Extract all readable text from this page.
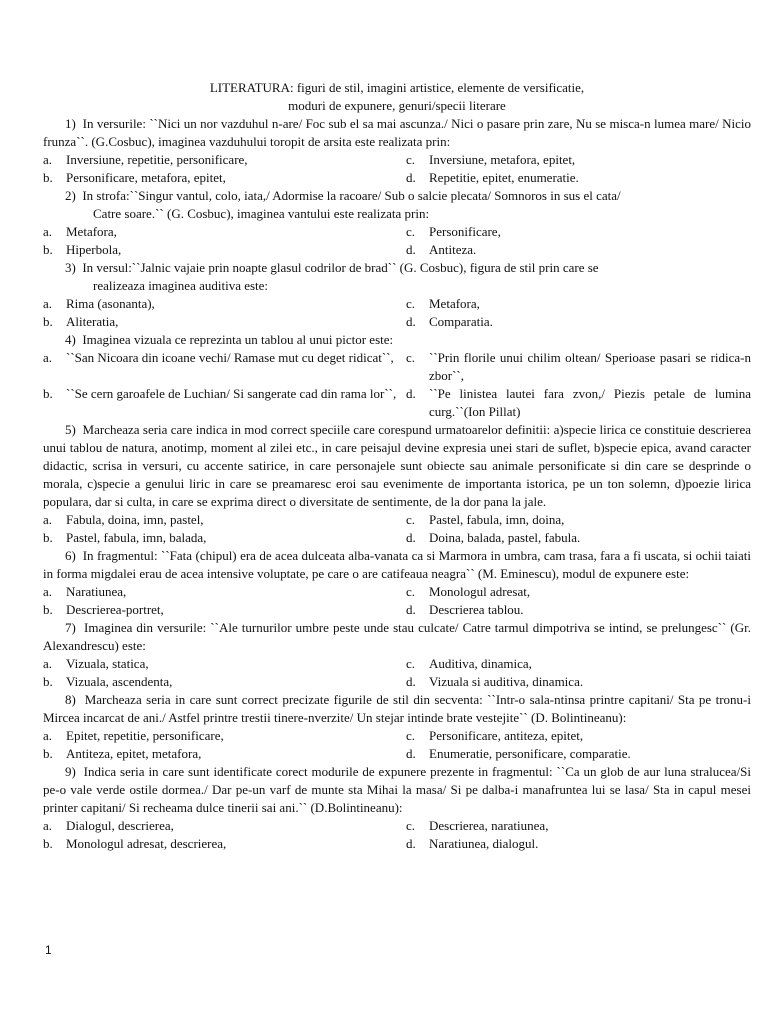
LITERATURA: figuri de stil, imagini artistice, elemente de versificatie,
moduri de expunere, genuri/specii literare
1) In versurile: ``Nici un nor vazduhul n-are/ Foc sub el sa mai ascunza./ Nici o pasare prin zare, Nu se misca-n lumea mare/ Nicio frunza``. (G.Cosbuc), imaginea vazduhului toropit de arsita este realizata prin:
a.	Inversiune, repetitie, personificare,	c.	Inversiune, metafora, epitet,
b.	Personificare, metafora, epitet,	d.	Repetitie, epitet, enumeratie.
2) In strofa:``Singur vantul, colo, iata,/ Adormise la racoare/ Sub o salcie plecata/ Somnoros in sus el cata/
Catre soare.`` (G. Cosbuc), imaginea vantului este realizata prin:
a.	Metafora,	c.	Personificare,
b.	Hiperbola,	d.	Antiteza.
3) In versul:``Jalnic vajaie prin noapte glasul codrilor de brad`` (G. Cosbuc), figura de stil prin care se
realizeaza imaginea auditiva este:
a.	Rima (asonanta),	c.	Metafora,
b.	Aliteratia,	d.	Comparatia.
4) Imaginea vizuala ce reprezinta un tablou al unui pictor este:
a.	``San Nicoara din icoane vechi/ Ramase mut cu deget ridicat``, c.	``Prin florile unui chilim oltean/ Sperioase pasari se ridica-n zbor``,
b.	``Se cern garoafele de Luchian/ Si sangerate cad din rama lor``, d.	``Pe linistea lautei fara zvon,/ Piezis petale de lumina curg.``(Ion Pillat)
5) Marcheaza seria care indica in mod correct speciile care corespund urmatoarelor definitii: a)specie lirica ce constituie descrierea unui tablou de natura, anotimp, moment al zilei etc., in care peisajul devine expresia unei stari de suflet, b)specie epica, avand caracter didactic, scrisa in versuri, cu accente satirice, in care personajele sunt obiecte sau animale personificate si din care se desprinde o morala, c)specie a genului liric in care se preamaresc eroi sau evenimente de importanta istorica, pe un ton solemn, d)poezie lirica populara, dar si culta, in care se exprima direct o diversitate de sentimente, de la dor pana la jale.
a.	Fabula, doina, imn, pastel,	c.	Pastel, fabula, imn, doina,
b.	Pastel, fabula, imn, balada,	d.	Doina, balada, pastel, fabula.
6) In fragmentul: ``Fata (chipul) era de acea dulceata alba-vanata ca si Marmora in umbra, cam trasa, fara a fi uscata, si ochii taiati in forma migdalei erau de acea intensive voluptate, pe care o are catifeaua neagra`` (M. Eminescu), modul de expunere este:
a.	Naratiunea,	c.	Monologul adresat,
b.	Descrierea-portret,	d.	Descrierea tablou.
7) Imaginea din versurile: ``Ale turnurilor umbre peste unde stau culcate/ Catre tarmul dimpotriva se intind, se prelungesc`` (Gr. Alexandrescu) este:
a.	Vizuala, statica,	c.	Auditiva, dinamica,
b.	Vizuala, ascendenta,	d.	Vizuala si auditiva, dinamica.
8) Marcheaza seria in care sunt correct precizate figurile de stil din secventa: ``Intr-o sala-ntinsa printre capitani/ Sta pe tronu-i Mircea incarcat de ani./ Astfel printre trestii tinere-nverzite/ Un stejar intinde brate vestejite`` (D. Bolintineanu):
a.	Epitet, repetitie, personificare,	c.	Personificare, antiteza, epitet,
b.	Antiteza, epitet, metafora,	d.	Enumeratie, personificare, comparatie.
9) Indica seria in care sunt identificate corect modurile de expunere prezente in fragmentul: ``Ca un glob de aur luna straluceа/Si pe-o vale verde ostile dormea./ Dar pe-un varf de munte sta Mihai la masa/ Si pe dalba-i manafruntea lui se lasa/ Sta in capul mesei printer capitani/ Si recheama dulce tinerii sai ani.`` (D.Bolintineanu):
a.	Dialogul, descrierea,	c.	Descrierea, naratiunea,
b.	Monologul adresat, descrierea,	d.	Naratiunea, dialogul.
1
